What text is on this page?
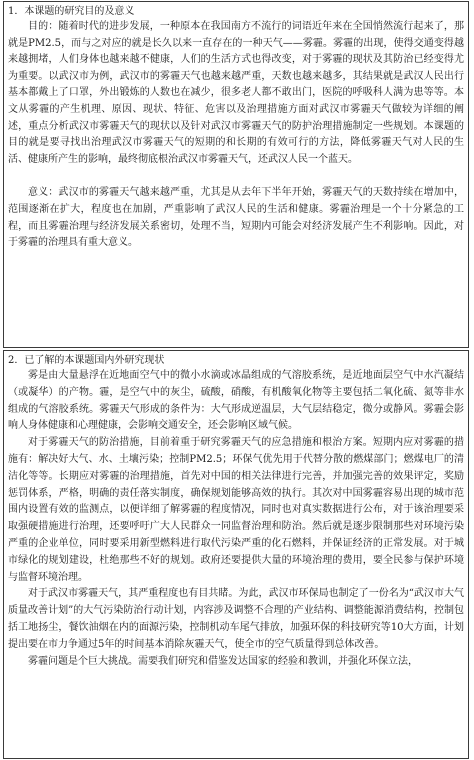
1．本课题的研究目的及意义

目的：随着时代的进步发展，一种原本在我国南方不流行的词语近年来在全国悄然流行起来了，那就是PM2.5，而与之对应的就是长久以来一直存在的一种天气——雾霾。雾霾的出现，使得交通变得越来越拥堵，人们身体也越来越不健康，人们的生活方式也得改变，对于雾霾的现状及其防治已经变得尤为重要。以武汉市为例，武汉市的雾霾天气也越来越严重，天数也越来越多，其结果就是武汉人民出行基本都戴上了口罩，外出锻炼的人数也在减少，很多老人都不敢出门，医院的呼吸科人满为患等等。本文从雾霾的产生机理、原因、现状、特征、危害以及治理措施方面对武汉市雾霾天气做较为详细的阐述，重点分析武汉市雾霾天气的现状以及针对武汉市雾霾天气的防护治理措施制定一些规划。本课题的目的就是要寻找出治理武汉市雾霾天气的短期的和长期的有效可行的方法，降低雾霾天气对人民的生活、健康所产生的影响，最终彻底根治武汉市雾霾天气，还武汉人民一个蓝天。

意义：武汉市的雾霾天气越来越严重，尤其是从去年下半年开始，雾霾天气的天数持续在增加中，范围逐渐在扩大，程度也在加剧，严重影响了武汉人民的生活和健康。雾霾治理是一个十分紧急的工程，而且雾霾治理与经济发展关系密切，处理不当，短期内可能会对经济发展产生不利影响。因此，对于雾霾的治理具有重大意义。

2．已了解的本课题国内外研究现状

雾是由大量悬浮在近地面空气中的微小水滴或冰晶组成的气溶胶系统，是近地面层空气中水汽凝结（或凝华）的产物。霾，是空气中的灰尘，硫酸，硝酸，有机酸氧化物等主要包括二氧化硫、氮等非水组成的气溶胶系统。雾霾天气形成的条件为：大气形成逆温层，大气层结稳定，微分或静风。雾霾会影响人身体健康和心理健康，会影响交通安全，还会影响区域气候。

对于雾霾天气的防治措施，目前着重于研究雾霾天气的应急措施和根治方案。短期内应对雾霾的措施有：解决好大气、水、土壤污染；控制PM2.5；环保气优先用于代替分散的燃煤部门；燃煤电厂的清洁化等等。长期应对雾霾的治理措施，首先对中国的相关法律进行完善，并加强完善的效果评定，奖励惩罚体系，严格，明确的责任落实制度，确保规划能够高效的执行。其次对中国雾霾容易出现的城市范围内设置有效的监测点，以便详细了解雾霾的程度情况，同时也对真实数据进行公布，对于该治理要采取强硬措施进行治理，还要呼吁广大人民群众一同监督治理和防治。然后就是逐步限制那些对环境污染严重的企业单位，同时要采用新型燃料进行取代污染严重的化石燃料，并保证经济的正常发展。对于城市绿化的规划建设，杜绝那些不好的规划。政府还要提供大量的环境治理的费用，要全民参与保护环境与监督环境治理。

对于武汉市雾霾天气，其严重程度也有目共睹。为此，武汉市环保局也制定了一份名为“武汉市大气质量改善计划”的大气污染防治行动计划，内容涉及调整不合理的产业结构、调整能源消费结构，控制包括工地扬尘，餐饮油烟在内的面源污染，控制机动车尾气排放，加强环保的科技研究等10大方面，计划提出要在市力争通过5年的时间基本消除灰霾天气，使全市的空气质量得到总体改善。

雾霾问题是个巨大挑战。需要我们研究和借鉴发达国家的经验和教训，并强化环保立法，
